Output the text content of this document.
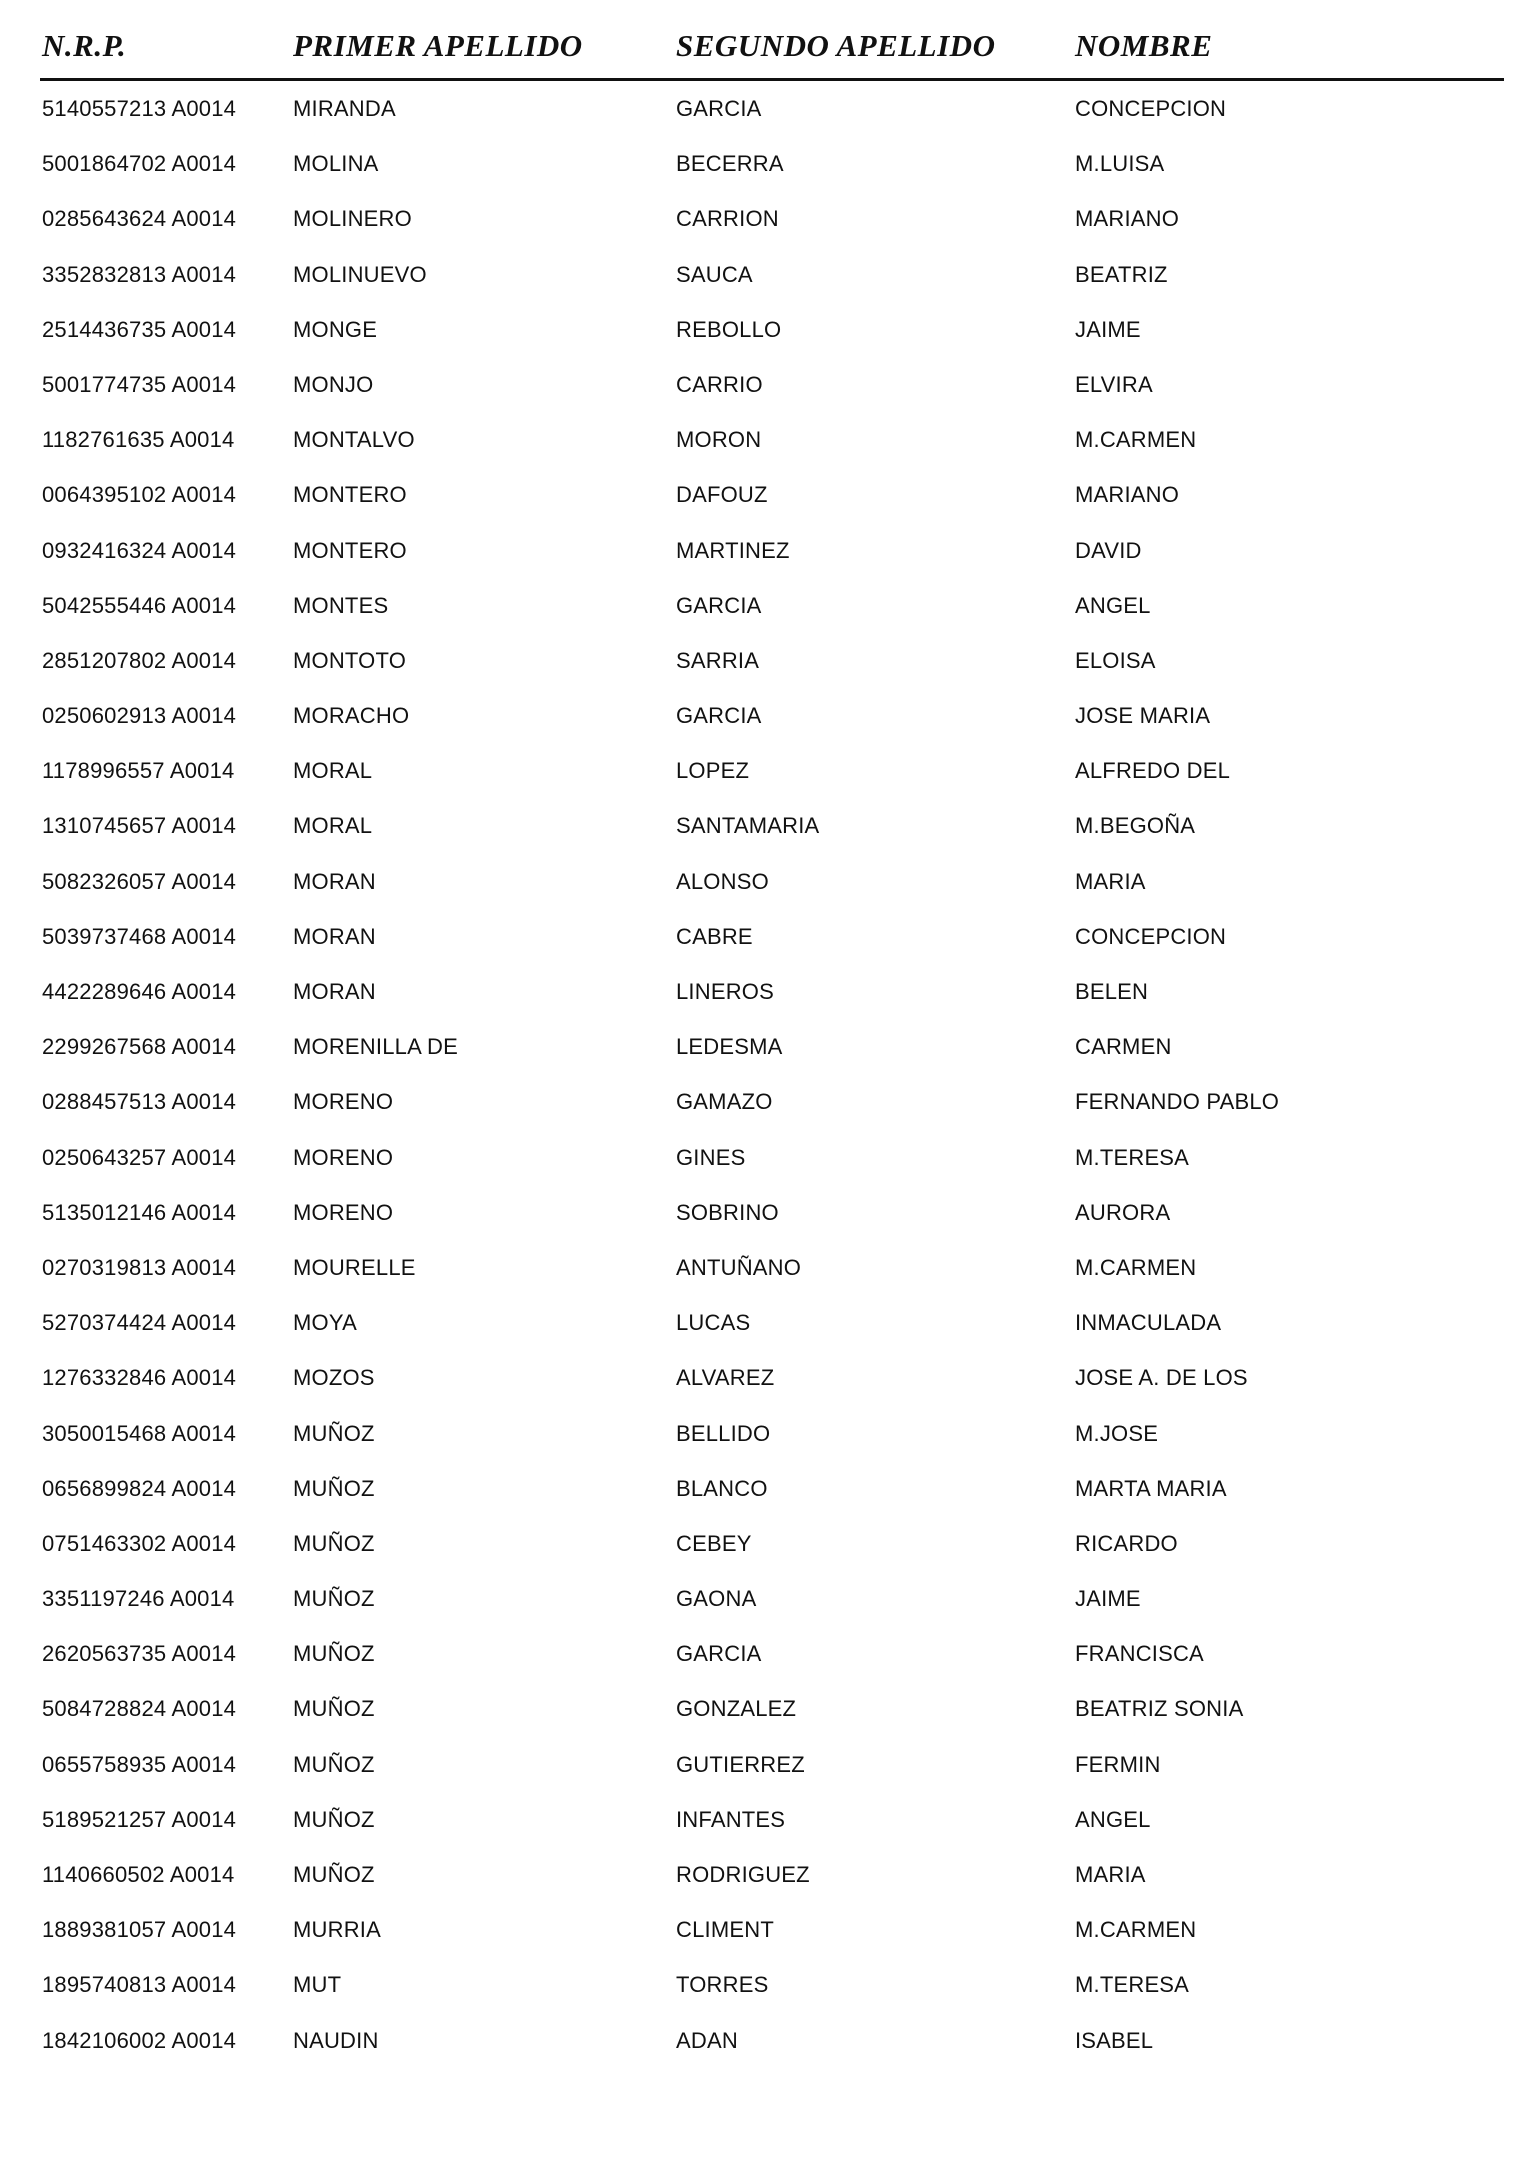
N.R.P.	PRIMER APELLIDO	SEGUNDO APELLIDO	NOMBRE
5140557213 A0014	MIRANDA	GARCIA	CONCEPCION
5001864702 A0014	MOLINA	BECERRA	M.LUISA
0285643624 A0014	MOLINERO	CARRION	MARIANO
3352832813 A0014	MOLINUEVO	SAUCA	BEATRIZ
2514436735 A0014	MONGE	REBOLLO	JAIME
5001774735 A0014	MONJO	CARRIO	ELVIRA
1182761635 A0014	MONTALVO	MORON	M.CARMEN
0064395102 A0014	MONTERO	DAFOUZ	MARIANO
0932416324 A0014	MONTERO	MARTINEZ	DAVID
5042555446 A0014	MONTES	GARCIA	ANGEL
2851207802 A0014	MONTOTO	SARRIA	ELOISA
0250602913 A0014	MORACHO	GARCIA	JOSE MARIA
1178996557 A0014	MORAL	LOPEZ	ALFREDO DEL
1310745657 A0014	MORAL	SANTAMARIA	M.BEGOÑA
5082326057 A0014	MORAN	ALONSO	MARIA
5039737468 A0014	MORAN	CABRE	CONCEPCION
4422289646 A0014	MORAN	LINEROS	BELEN
2299267568 A0014	MORENILLA DE	LEDESMA	CARMEN
0288457513 A0014	MORENO	GAMAZO	FERNANDO PABLO
0250643257 A0014	MORENO	GINES	M.TERESA
5135012146 A0014	MORENO	SOBRINO	AURORA
0270319813 A0014	MOURELLE	ANTUÑANO	M.CARMEN
5270374424 A0014	MOYA	LUCAS	INMACULADA
1276332846 A0014	MOZOS	ALVAREZ	JOSE A. DE LOS
3050015468 A0014	MUÑOZ	BELLIDO	M.JOSE
0656899824 A0014	MUÑOZ	BLANCO	MARTA MARIA
0751463302 A0014	MUÑOZ	CEBEY	RICARDO
3351197246 A0014	MUÑOZ	GAONA	JAIME
2620563735 A0014	MUÑOZ	GARCIA	FRANCISCA
5084728824 A0014	MUÑOZ	GONZALEZ	BEATRIZ SONIA
0655758935 A0014	MUÑOZ	GUTIERREZ	FERMIN
5189521257 A0014	MUÑOZ	INFANTES	ANGEL
1140660502 A0014	MUÑOZ	RODRIGUEZ	MARIA
1889381057 A0014	MURRIA	CLIMENT	M.CARMEN
1895740813 A0014	MUT	TORRES	M.TERESA
1842106002 A0014	NAUDIN	ADAN	ISABEL
